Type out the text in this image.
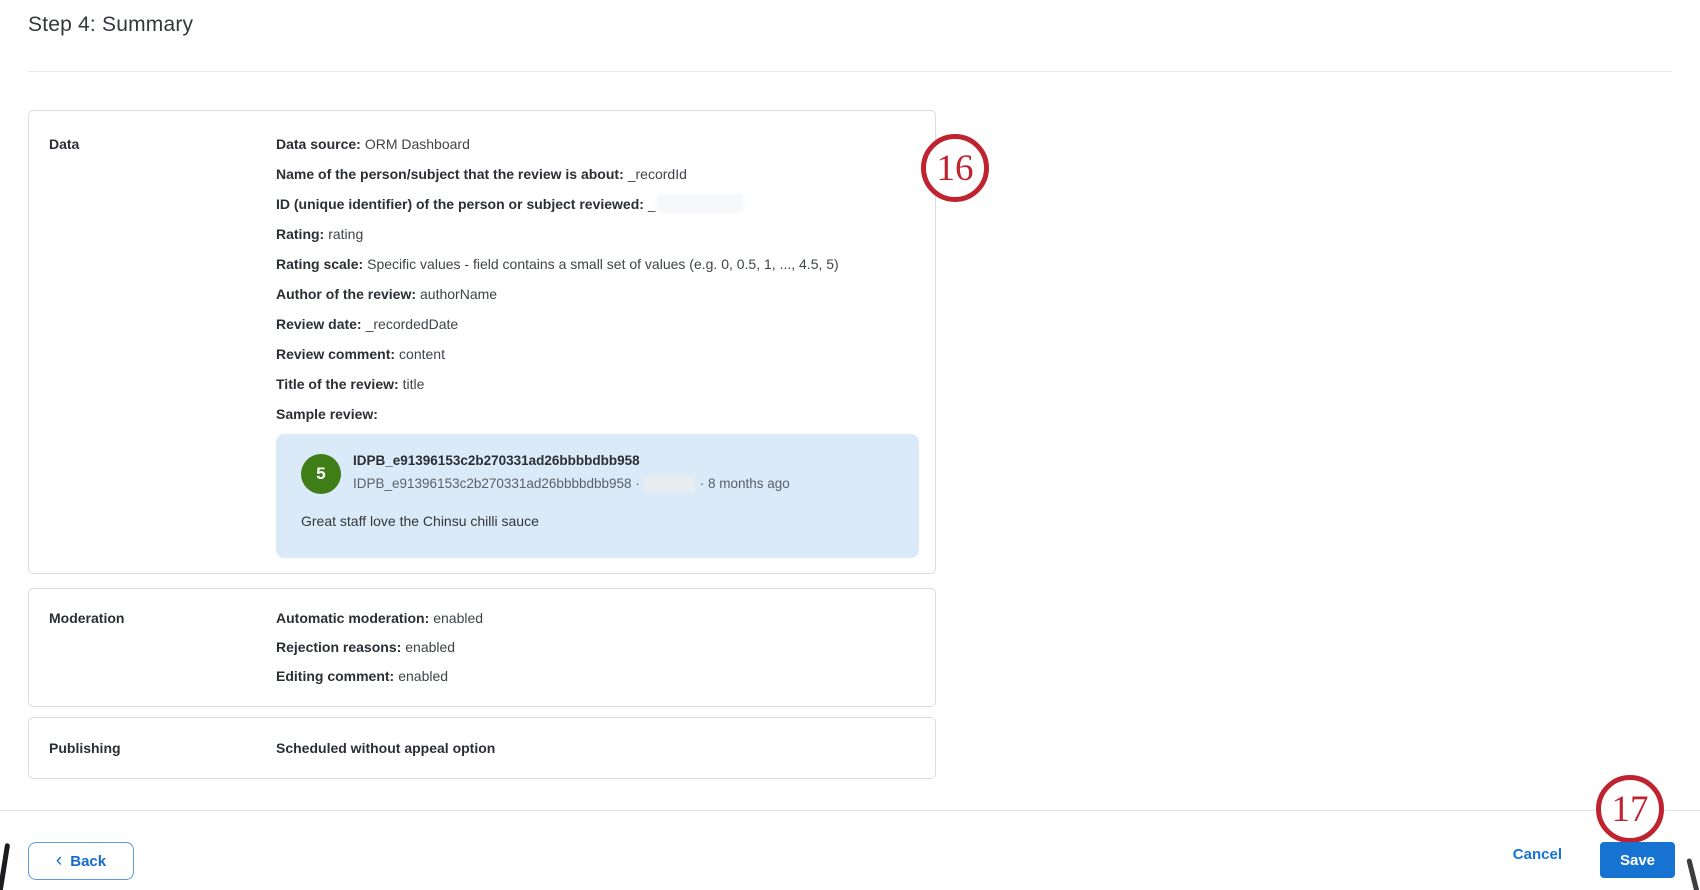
Step 4: Summary
Data	Data source: ORM Dashboard
Name of the person/subject that the review is about: _recordId
ID (unique identifier) of the person or subject reviewed: _
Rating: rating
Rating scale: Specific values - field contains a small set of values (e.g. 0, 0.5, 1, ..., 4.5, 5)
Author of the review: authorName
Review date: _recordedDate
Review comment: content
Title of the review: title
Sample review:
5
IDPB_e91396153c2b270331ad26bbbbdbb958
IDPB_e91396153c2b270331ad26bbbbdbb958 ·	· 8 months ago
Great staff love the Chinsu chilli sauce
Moderation	Automatic moderation: enabled
Rejection reasons: enabled
Editing comment: enabled
Publishing	Scheduled without appeal option
16
17
‹ Back	Cancel	Save
